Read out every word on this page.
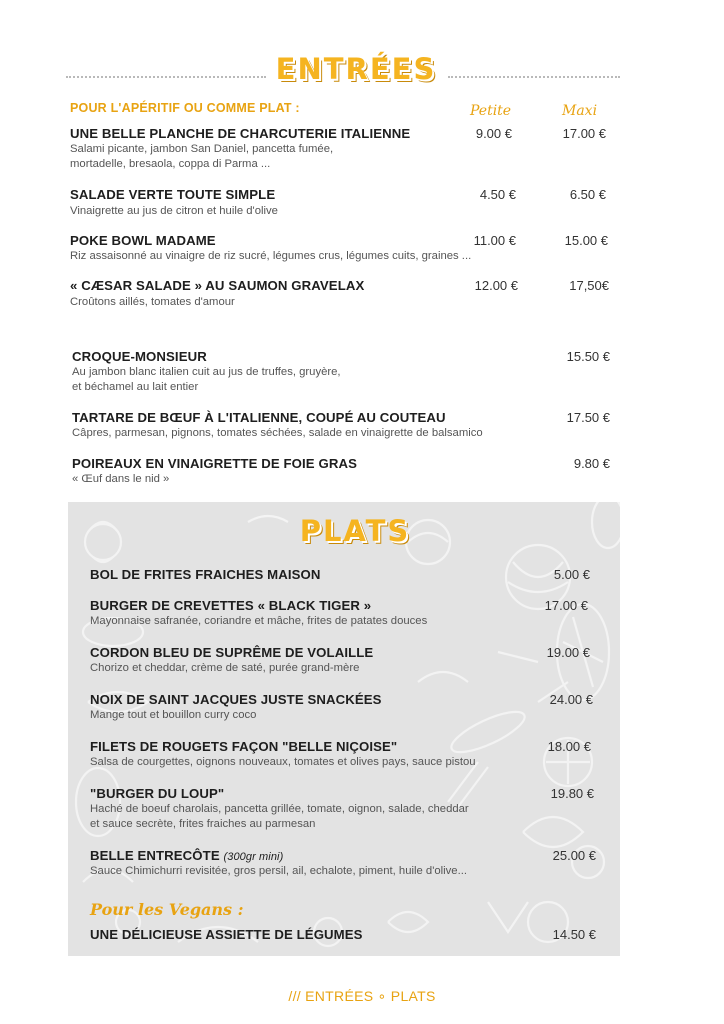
ENTRÉES
POUR L'APÉRITIF OU COMME PLAT :	Petite	Maxi
UNE BELLE PLANCHE DE CHARCUTERIE ITALIENNE
Salami picante, jambon San Daniel, pancetta fumée,
mortadelle, bresaola, coppa di Parma ...
9.00 €	17.00 €
SALADE VERTE TOUTE SIMPLE
Vinaigrette au jus de citron et huile d'olive
4.50 €	6.50 €
POKE BOWL MADAME
Riz assaisonné au vinaigre de riz sucré, légumes crus, légumes cuits, graines ...
11.00 €	15.00 €
« CÆSAR SALADE » AU SAUMON GRAVELAX
Croûtons aillés, tomates d'amour
12.00 €	17,50€
CROQUE-MONSIEUR
Au jambon blanc italien cuit au jus de truffes, gruyère,
et béchamel au lait entier
15.50 €
TARTARE DE BŒUF À L'ITALIENNE, COUPÉ AU COUTEAU
Câpres, parmesan, pignons, tomates séchées, salade en vinaigrette de balsamico
17.50 €
POIREAUX EN VINAIGRETTE DE FOIE GRAS
« Œuf dans le nid »
9.80 €
PLATS
BOL DE FRITES FRAICHES MAISON	5.00 €
BURGER DE CREVETTES « BLACK TIGER »
Mayonnaise safranée, coriandre et mâche, frites de patates douces
17.00 €
CORDON BLEU DE SUPRÊME DE VOLAILLE
Chorizo et cheddar, crème de saté, purée grand-mère
19.00 €
NOIX DE SAINT JACQUES JUSTE SNACKÉES
Mange tout et bouillon curry coco
24.00 €
FILETS DE ROUGETS FAÇON "BELLE NIÇOISE"
Salsa de courgettes, oignons nouveaux, tomates et olives pays, sauce pistou
18.00 €
"BURGER DU LOUP"
Haché de boeuf charolais, pancetta grillée, tomate, oignon, salade, cheddar
et sauce secrète, frites fraiches au parmesan
19.80 €
BELLE ENTRECÔTE (300gr mini)
Sauce Chimichurri revisitée, gros persil, ail, echalote, piment, huile d'olive...
25.00 €
Pour les Vegans :
UNE DÉLICIEUSE ASSIETTE DE LÉGUMES	14.50 €
/// ENTRÉES ∘ PLATS
